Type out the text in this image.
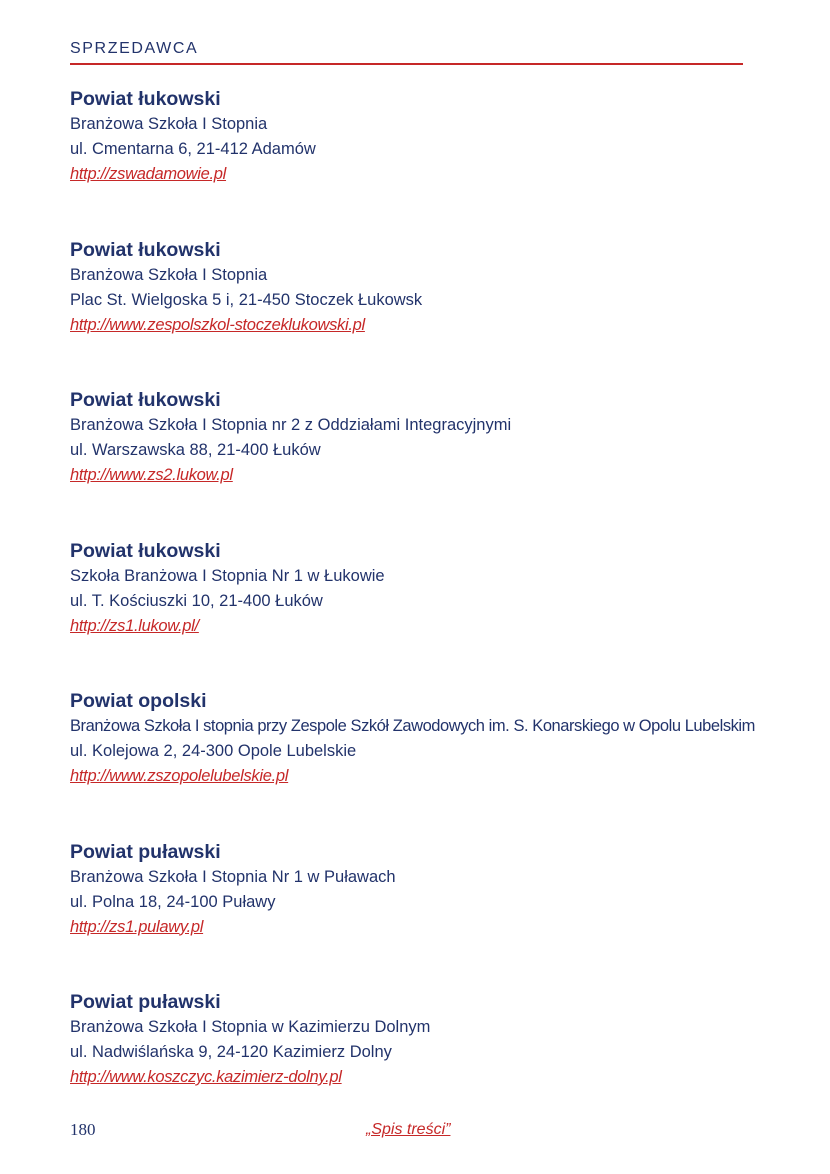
SPRZEDAWCA
Powiat łukowski
Branżowa Szkoła I Stopnia
ul. Cmentarna 6, 21-412 Adamów
http://zswadamowie.pl
Powiat łukowski
Branżowa Szkoła I Stopnia
Plac St. Wielgoska 5 i, 21-450 Stoczek Łukowsk
http://www.zespolszkol-stoczeklukowski.pl
Powiat łukowski
Branżowa Szkoła I Stopnia nr 2 z Oddziałami Integracyjnymi
ul. Warszawska 88, 21-400 Łuków
http://www.zs2.lukow.pl
Powiat łukowski
Szkoła Branżowa I Stopnia Nr 1 w Łukowie
ul. T. Kościuszki 10, 21-400 Łuków
http://zs1.lukow.pl/
Powiat opolski
Branżowa Szkoła I stopnia przy Zespole Szkół Zawodowych im. S. Konarskiego w Opolu Lubelskim
ul. Kolejowa 2, 24-300 Opole Lubelskie
http://www.zszopolelubelskie.pl
Powiat puławski
Branżowa Szkoła I Stopnia Nr 1 w Puławach
ul. Polna 18, 24-100 Puławy
http://zs1.pulawy.pl
Powiat puławski
Branżowa Szkoła I Stopnia w Kazimierzu Dolnym
ul. Nadwiślańska 9, 24-120 Kazimierz Dolny
http://www.koszczyc.kazimierz-dolny.pl
180	„Spis treści”
